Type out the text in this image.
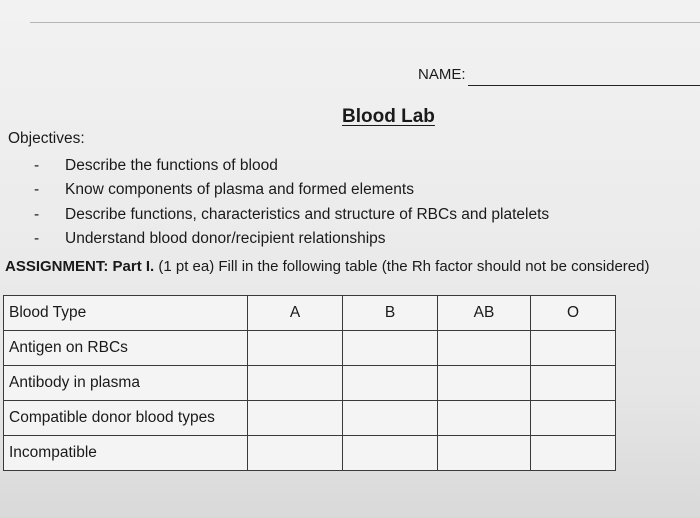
NAME:
Blood Lab
Objectives:
- Describe the functions of blood
- Know components of plasma and formed elements
- Describe functions, characteristics and structure of RBCs and platelets
- Understand blood donor/recipient relationships
ASSIGNMENT: Part I. (1 pt ea) Fill in the following table (the Rh factor should not be considered)
Blood Type	A	B	AB	O
Antigen on RBCs				
Antibody in plasma				
Compatible donor blood types				
Incompatible				
